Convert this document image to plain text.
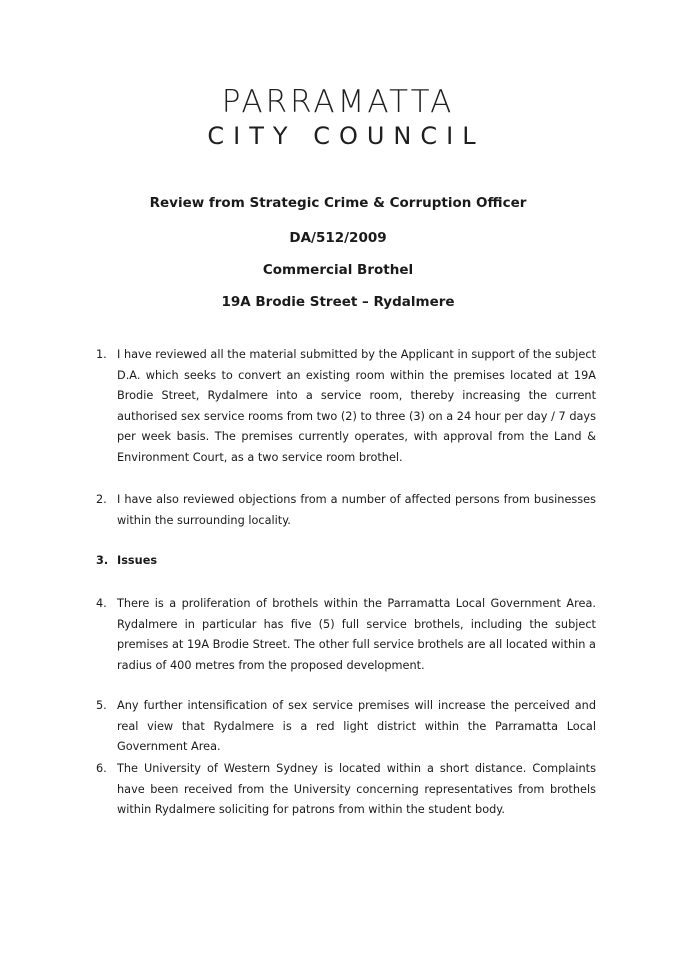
PARRAMATTA
CITY COUNCIL
Review from Strategic Crime & Corruption Officer
DA/512/2009
Commercial Brothel
19A Brodie Street – Rydalmere
1. I have reviewed all the material submitted by the Applicant in support of the subject D.A. which seeks to convert an existing room within the premises located at 19A Brodie Street, Rydalmere into a service room, thereby increasing the current authorised sex service rooms from two (2) to three (3) on a 24 hour per day / 7 days per week basis. The premises currently operates, with approval from the Land & Environment Court, as a two service room brothel.
2. I have also reviewed objections from a number of affected persons from businesses within the surrounding locality.
3. Issues
4. There is a proliferation of brothels within the Parramatta Local Government Area. Rydalmere in particular has five (5) full service brothels, including the subject premises at 19A Brodie Street. The other full service brothels are all located within a radius of 400 metres from the proposed development.
5. Any further intensification of sex service premises will increase the perceived and real view that Rydalmere is a red light district within the Parramatta Local Government Area.
6. The University of Western Sydney is located within a short distance. Complaints have been received from the University concerning representatives from brothels within Rydalmere soliciting for patrons from within the student body.
